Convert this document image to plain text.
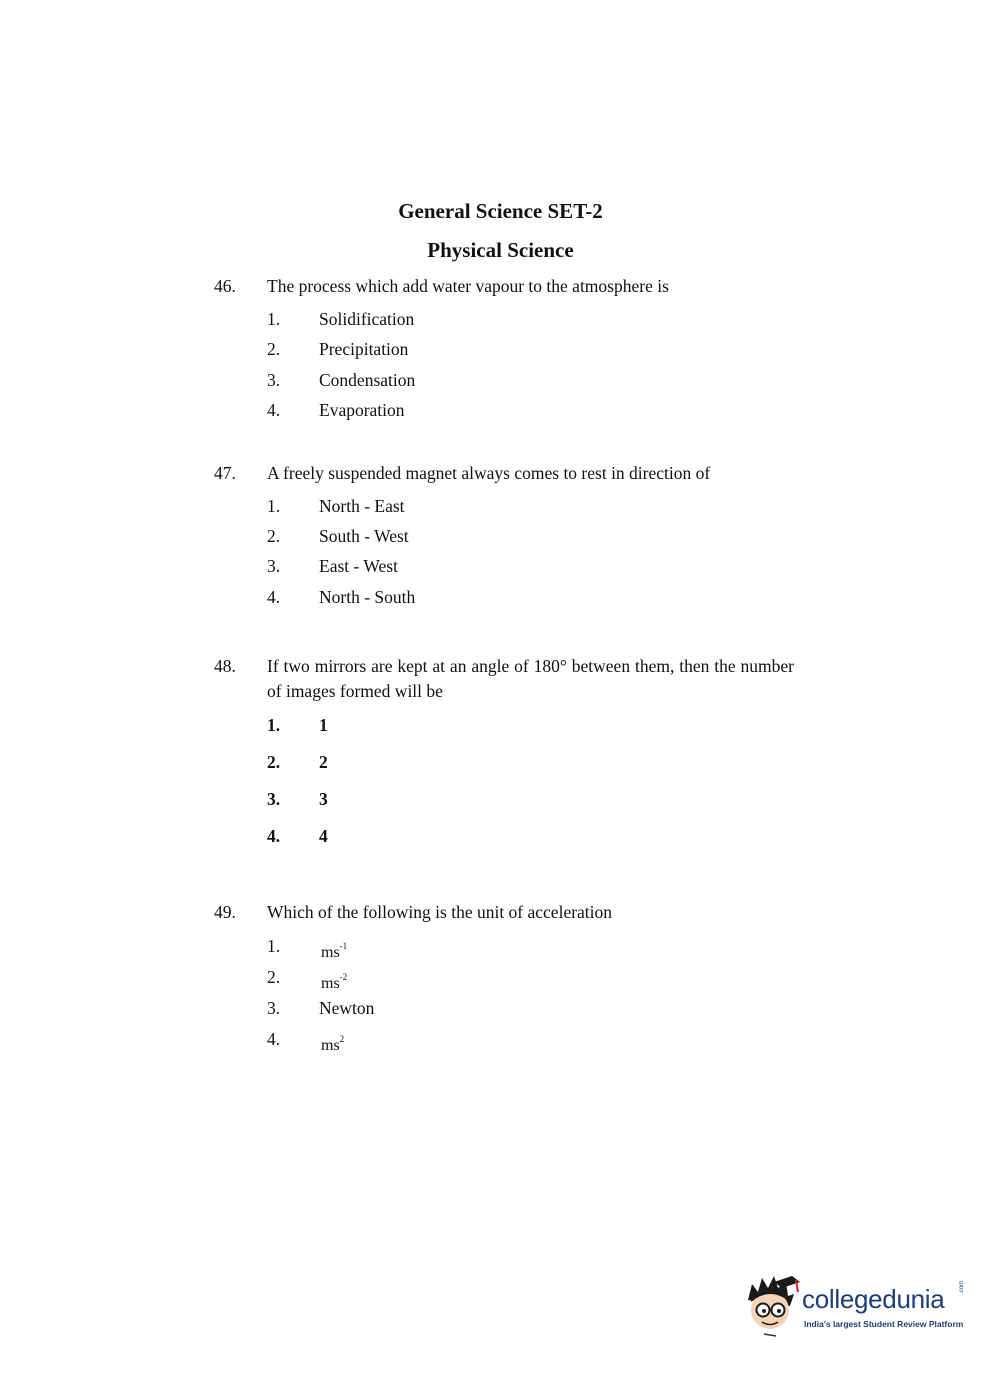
General Science SET-2
Physical Science
46. The process which add water vapour to the atmosphere is
1. Solidification
2. Precipitation
3. Condensation
4. Evaporation
47. A freely suspended magnet always comes to rest in direction of
1. North - East
2. South - West
3. East - West
4. North - South
48. If two mirrors are kept at an angle of 180° between them, then the number of images formed will be
1. 1
2. 2
3. 3
4. 4
49. Which of the following is the unit of acceleration
1.	$ms^{-1}$
2.	$ms^{-2}$
3. Newton
4.	$ms^2$
collegedunia .com
India's largest Student Review Platform
